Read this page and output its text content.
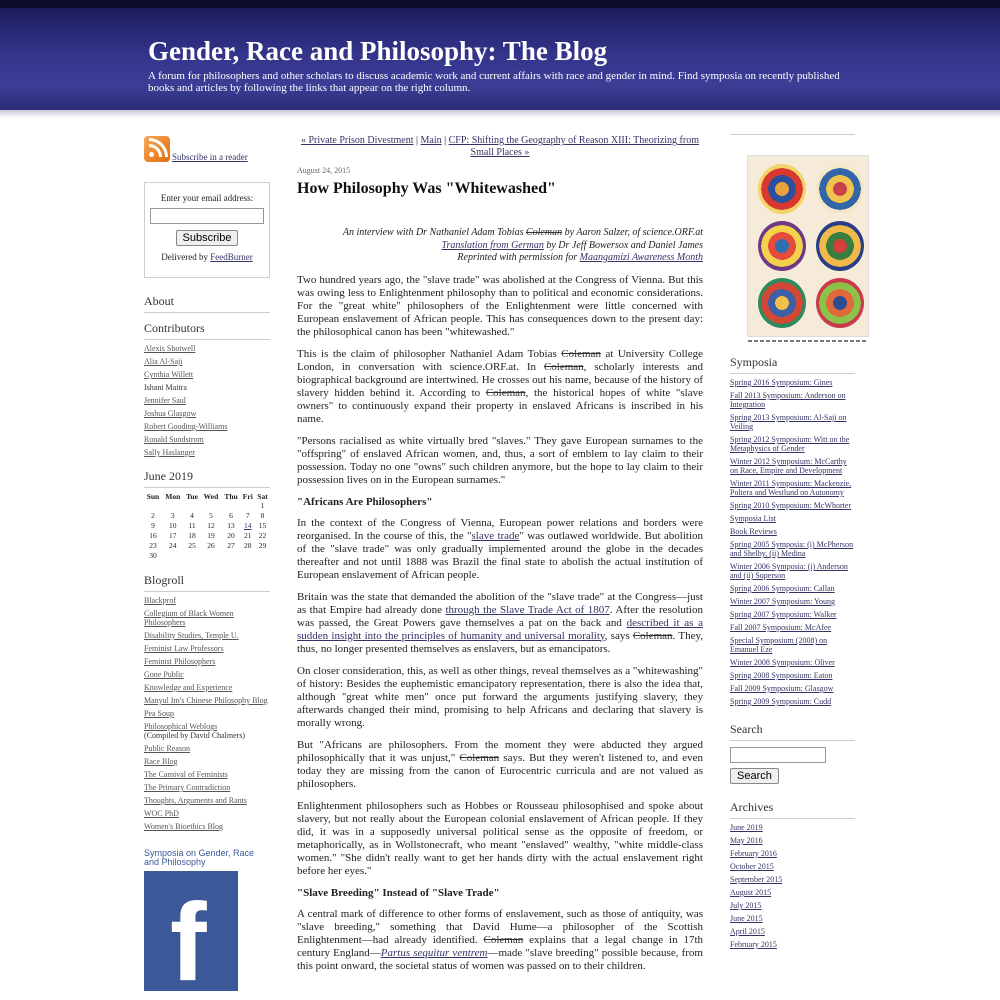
Gender, Race and Philosophy: The Blog
A forum for philosophers and other scholars to discuss academic work and current affairs with race and gender in mind. Find symposia on recently published books and articles by following the links that appear on the right column.
Subscribe in a reader
Enter your email address:
Subscribe
Delivered by FeedBurner
About
Contributors
Alexis Shotwell
Alia Al-Saji
Cynthia Willett
Ishani Maitra
Jennifer Saul
Joshua Glasgow
Robert Gooding-Williams
Ronald Sundstrom
Sally Haslanger
June 2019
Sun	Mon	Tue	Wed	Thu	Fri	Sat
						1
2	3	4	5	6	7	8
9	10	11	12	13	14	15
16	17	18	19	20	21	22
23	24	25	26	27	28	29
30						
Blogroll
Blackprof
Collegium of Black Women Philosophers
Disability Studies, Temple U.
Feminist Law Professors
Feminist Philosophers
Gone Public
Knowledge and Experience
Manyul Im's Chinese Philosophy Blog
Pea Soup
Philosophical Weblogs
(Compiled by David Chalmers)
Public Reason
Race Blog
The Carnival of Feminists
The Primary Contradiction
Thoughts, Arguments and Rants
WOC PhD
Women's Bioethics Blog
Symposia on Gender, Race and Philosophy
f
« Private Prison Divestment | Main | CFP: Shifting the Geography of Reason XIII: Theorizing from Small Places »
August 24, 2015
How Philosophy Was "Whitewashed"
An interview with Dr Nathaniel Adam Tobias Coleman by Aaron Salzer, of science.ORF.at
Translation from German by Dr Jeff Bowersox and Daniel James
Reprinted with permission for Maangamizi Awareness Month

Two hundred years ago, the "slave trade" was abolished at the Congress of Vienna. But this was owing less to Enlightenment philosophy than to political and economic considerations. For the "great white" philosophers of the Enlightenment were little concerned with European enslavement of African people. This has consequences down to the present day: the philosophical canon has been "whitewashed."

This is the claim of philosopher Nathaniel Adam Tobias Coleman at University College London, in conversation with science.ORF.at. In Coleman, scholarly interests and biographical background are intertwined. He crosses out his name, because of the history of slavery hidden behind it. According to Coleman, the historical hopes of white "slave owners" to continuously expand their property in enslaved Africans is inscribed in his name.

"Persons racialised as white virtually bred "slaves." They gave European surnames to the "offspring" of enslaved African women, and, thus, a sort of emblem to lay claim to their possession. Today no one "owns" such children anymore, but the hope to lay claim to their possession lives on in the European surnames."

"Africans Are Philosophers"

In the context of the Congress of Vienna, European power relations and borders were reorganised. In the course of this, the "slave trade" was outlawed worldwide. But abolition of the "slave trade" was only gradually implemented around the globe in the decades thereafter and not until 1888 was Brazil the final state to abolish the actual institution of European enslavement of African people.

Britain was the state that demanded the abolition of the "slave trade" at the Congress—just as that Empire had already done through the Slave Trade Act of 1807. After the resolution was passed, the Great Powers gave themselves a pat on the back and described it as a sudden insight into the principles of humanity and universal morality, says Coleman. They, thus, no longer presented themselves as enslavers, but as emancipators.

On closer consideration, this, as well as other things, reveal themselves as a "whitewashing" of history: Besides the euphemistic emancipatory representation, there is also the idea that, although "great white men" once put forward the arguments justifying slavery, they afterwards changed their mind, promising to help Africans and declaring that slavery is morally wrong.

But "Africans are philosophers. From the moment they were abducted they argued philosophically that it was unjust," Coleman says. But they weren't listened to, and even today they are missing from the canon of Eurocentric curricula and are not valued as philosophers.

Enlightenment philosophers such as Hobbes or Rousseau philosophised and spoke about slavery, but not really about the European colonial enslavement of African people. If they did, it was in a supposedly universal political sense as the opposite of freedom, or metaphorically, as in Wollstonecraft, who meant "enslaved" wealthy, "white middle-class women." "She didn't really want to get her hands dirty with the actual enslavement right before her eyes."

"Slave Breeding" Instead of "Slave Trade"

A central mark of difference to other forms of enslavement, such as those of antiquity, was "slave breeding," something that David Hume—a philosopher of the Scottish Enlightenment—had already identified. Coleman explains that a legal change in 17th century England—Partus sequitur ventrem—made "slave breeding" possible because, from this point onward, the societal status of women was passed on to their children.

Symposia
Spring 2016 Symposium: Gines
Fall 2013 Symposium: Anderson on Integration
Spring 2013 Symposium: Al-Saji on Veiling
Spring 2012 Symposium: Witt on the Metaphysics of Gender
Winter 2012 Symposium: McCarthy on Race, Empire and Development
Winter 2011 Symposium: Mackenzie, Poltera and Westlund on Autonomy
Spring 2010 Symposium: McWhorter
Symposia List
Book Reviews
Spring 2005 Symposia: (i) McPherson and Shelby, (ii) Medina
Winter 2006 Symposia: (i) Anderson and (ii) Superson
Spring 2006 Symposium: Callan
Winter 2007 Symposium: Young
Spring 2007 Symposium: Walker
Fall 2007 Symposium: McAfee
Special Symposium (2008) on Emanuel Eze
Winter 2008 Symposium: Oliver
Spring 2008 Symposium: Eaton
Fall 2009 Symposium: Glasgow
Spring 2009 Symposium: Cudd
Search
Search
Archives
June 2019
May 2016
February 2016
October 2015
September 2015
August 2015
July 2015
June 2015
April 2015
February 2015
